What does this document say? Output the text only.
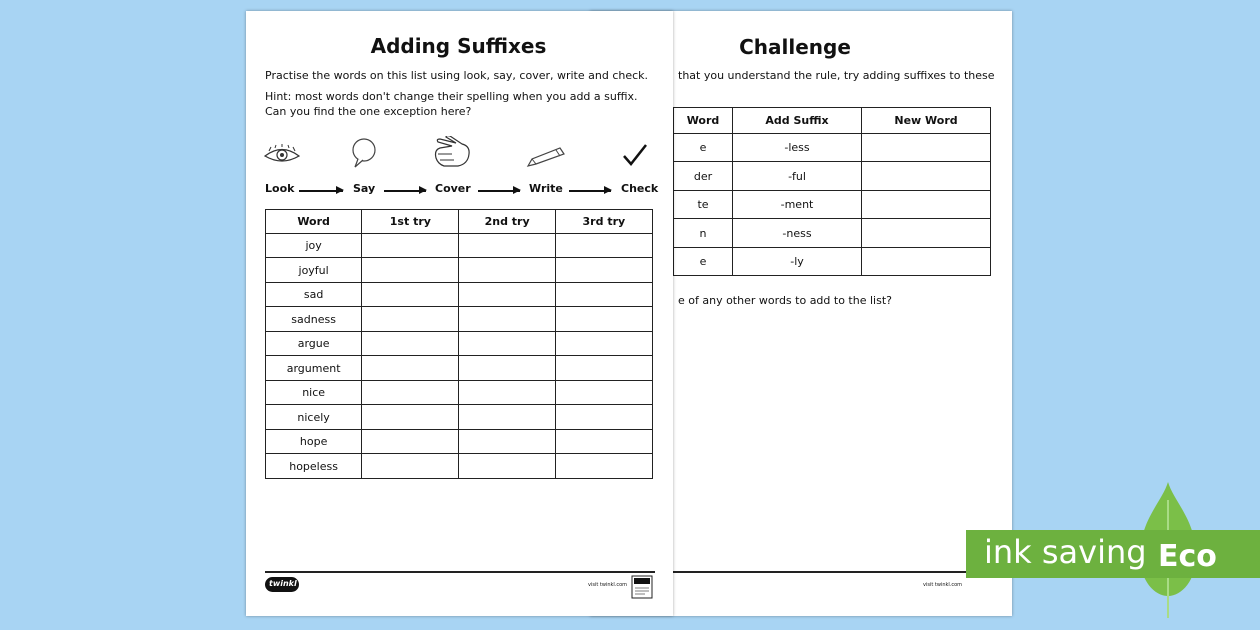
Challenge
that you understand the rule, try adding suffixes to these
Word	Add Suffix	New Word
e	-less	
der	-ful	
te	-ment	
n	-ness	
e	-ly	
e of any other words to add to the list?
visit twinkl.com
Adding Suffixes
Practise the words on this list using look, say, cover, write and check.
Hint: most words don't change their spelling when you add a suffix. Can you find the one exception here?
Look	Say	Cover	Write	Check
Word	1st try	2nd try	3rd try
joy			
joyful			
sad			
sadness			
argue			
argument			
nice			
nicely			
hope			
hopeless			
twinkl	visit twinkl.com
ink saving Eco
